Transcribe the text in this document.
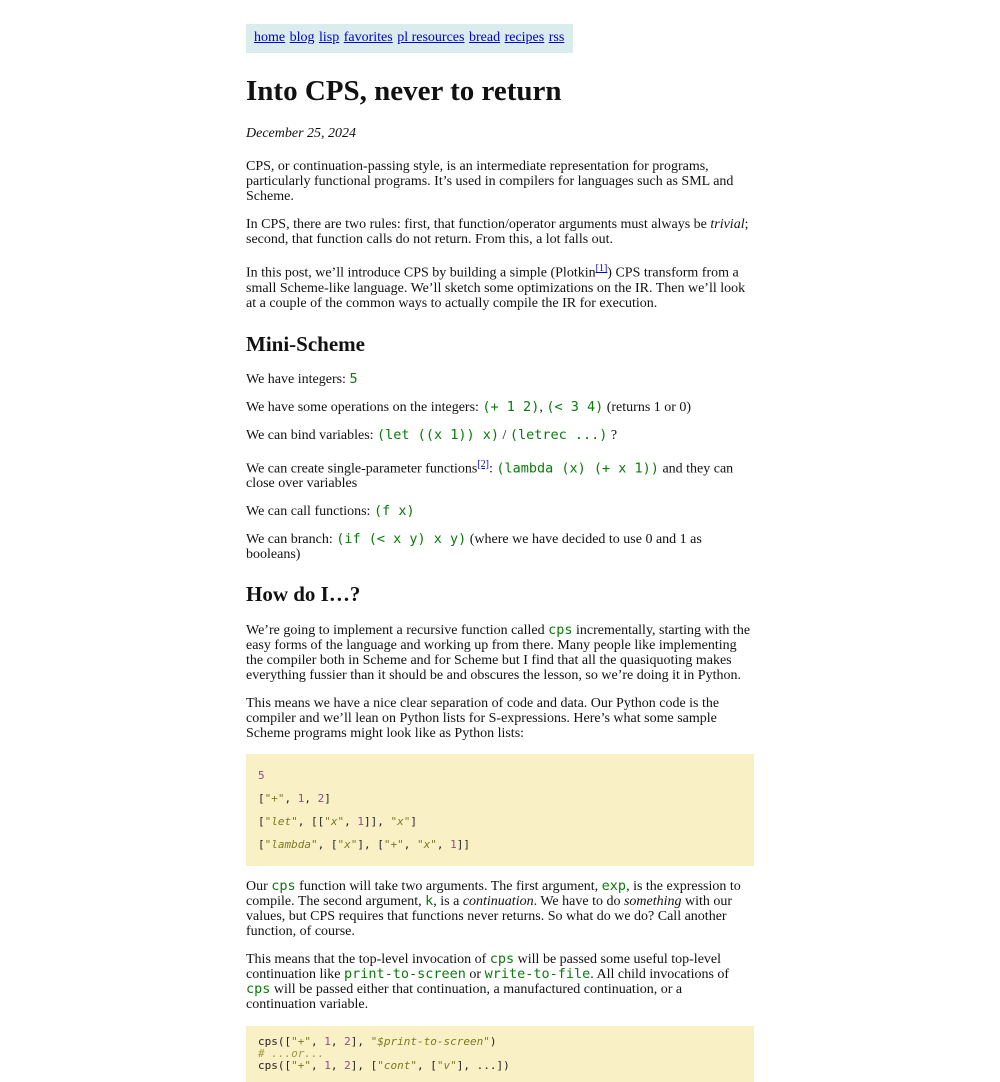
home blog lisp favorites pl resources bread recipes rss
Into CPS, never to return
December 25, 2024

CPS, or continuation-passing style, is an intermediate representation for programs, particularly functional programs. It’s used in compilers for languages such as SML and Scheme.

In CPS, there are two rules: first, that function/operator arguments must always be trivial; second, that function calls do not return. From this, a lot falls out.

In this post, we’ll introduce CPS by building a simple (Plotkin[1]) CPS transform from a small Scheme-like language. We’ll sketch some optimizations on the IR. Then we’ll look at a couple of the common ways to actually compile the IR for execution.

Mini-Scheme

We have integers: 5

We have some operations on the integers: (+ 1 2), (< 3 4) (returns 1 or 0)

We can bind variables: (let ((x 1)) x) / (letrec ...) ?

We can create single-parameter functions[2]: (lambda (x) (+ x 1)) and they can close over variables

We can call functions: (f x)

We can branch: (if (< x y) x y) (where we have decided to use 0 and 1 as booleans)

How do I…?

We’re going to implement a recursive function called cps incrementally, starting with the easy forms of the language and working up from there. Many people like implementing the compiler both in Scheme and for Scheme but I find that all the quasiquoting makes everything fussier than it should be and obscures the lesson, so we’re doing it in Python.

This means we have a nice clear separation of code and data. Our Python code is the compiler and we’ll lean on Python lists for S-expressions. Here’s what some sample Scheme programs might look like as Python lists:

5
["+", 1, 2]
["let", [["x", 1]], "x"]
["lambda", ["x"], ["+", "x", 1]]

Our cps function will take two arguments. The first argument, exp, is the expression to compile. The second argument, k, is a continuation. We have to do something with our values, but CPS requires that functions never returns. So what do we do? Call another function, of course.

This means that the top-level invocation of cps will be passed some useful top-level continuation like print-to-screen or write-to-file. All child invocations of cps will be passed either that continuation, a manufactured continuation, or a continuation variable.

cps(["+", 1, 2], "$print-to-screen")
# ...or...
cps(["+", 1, 2], ["cont", ["v"], ...])
